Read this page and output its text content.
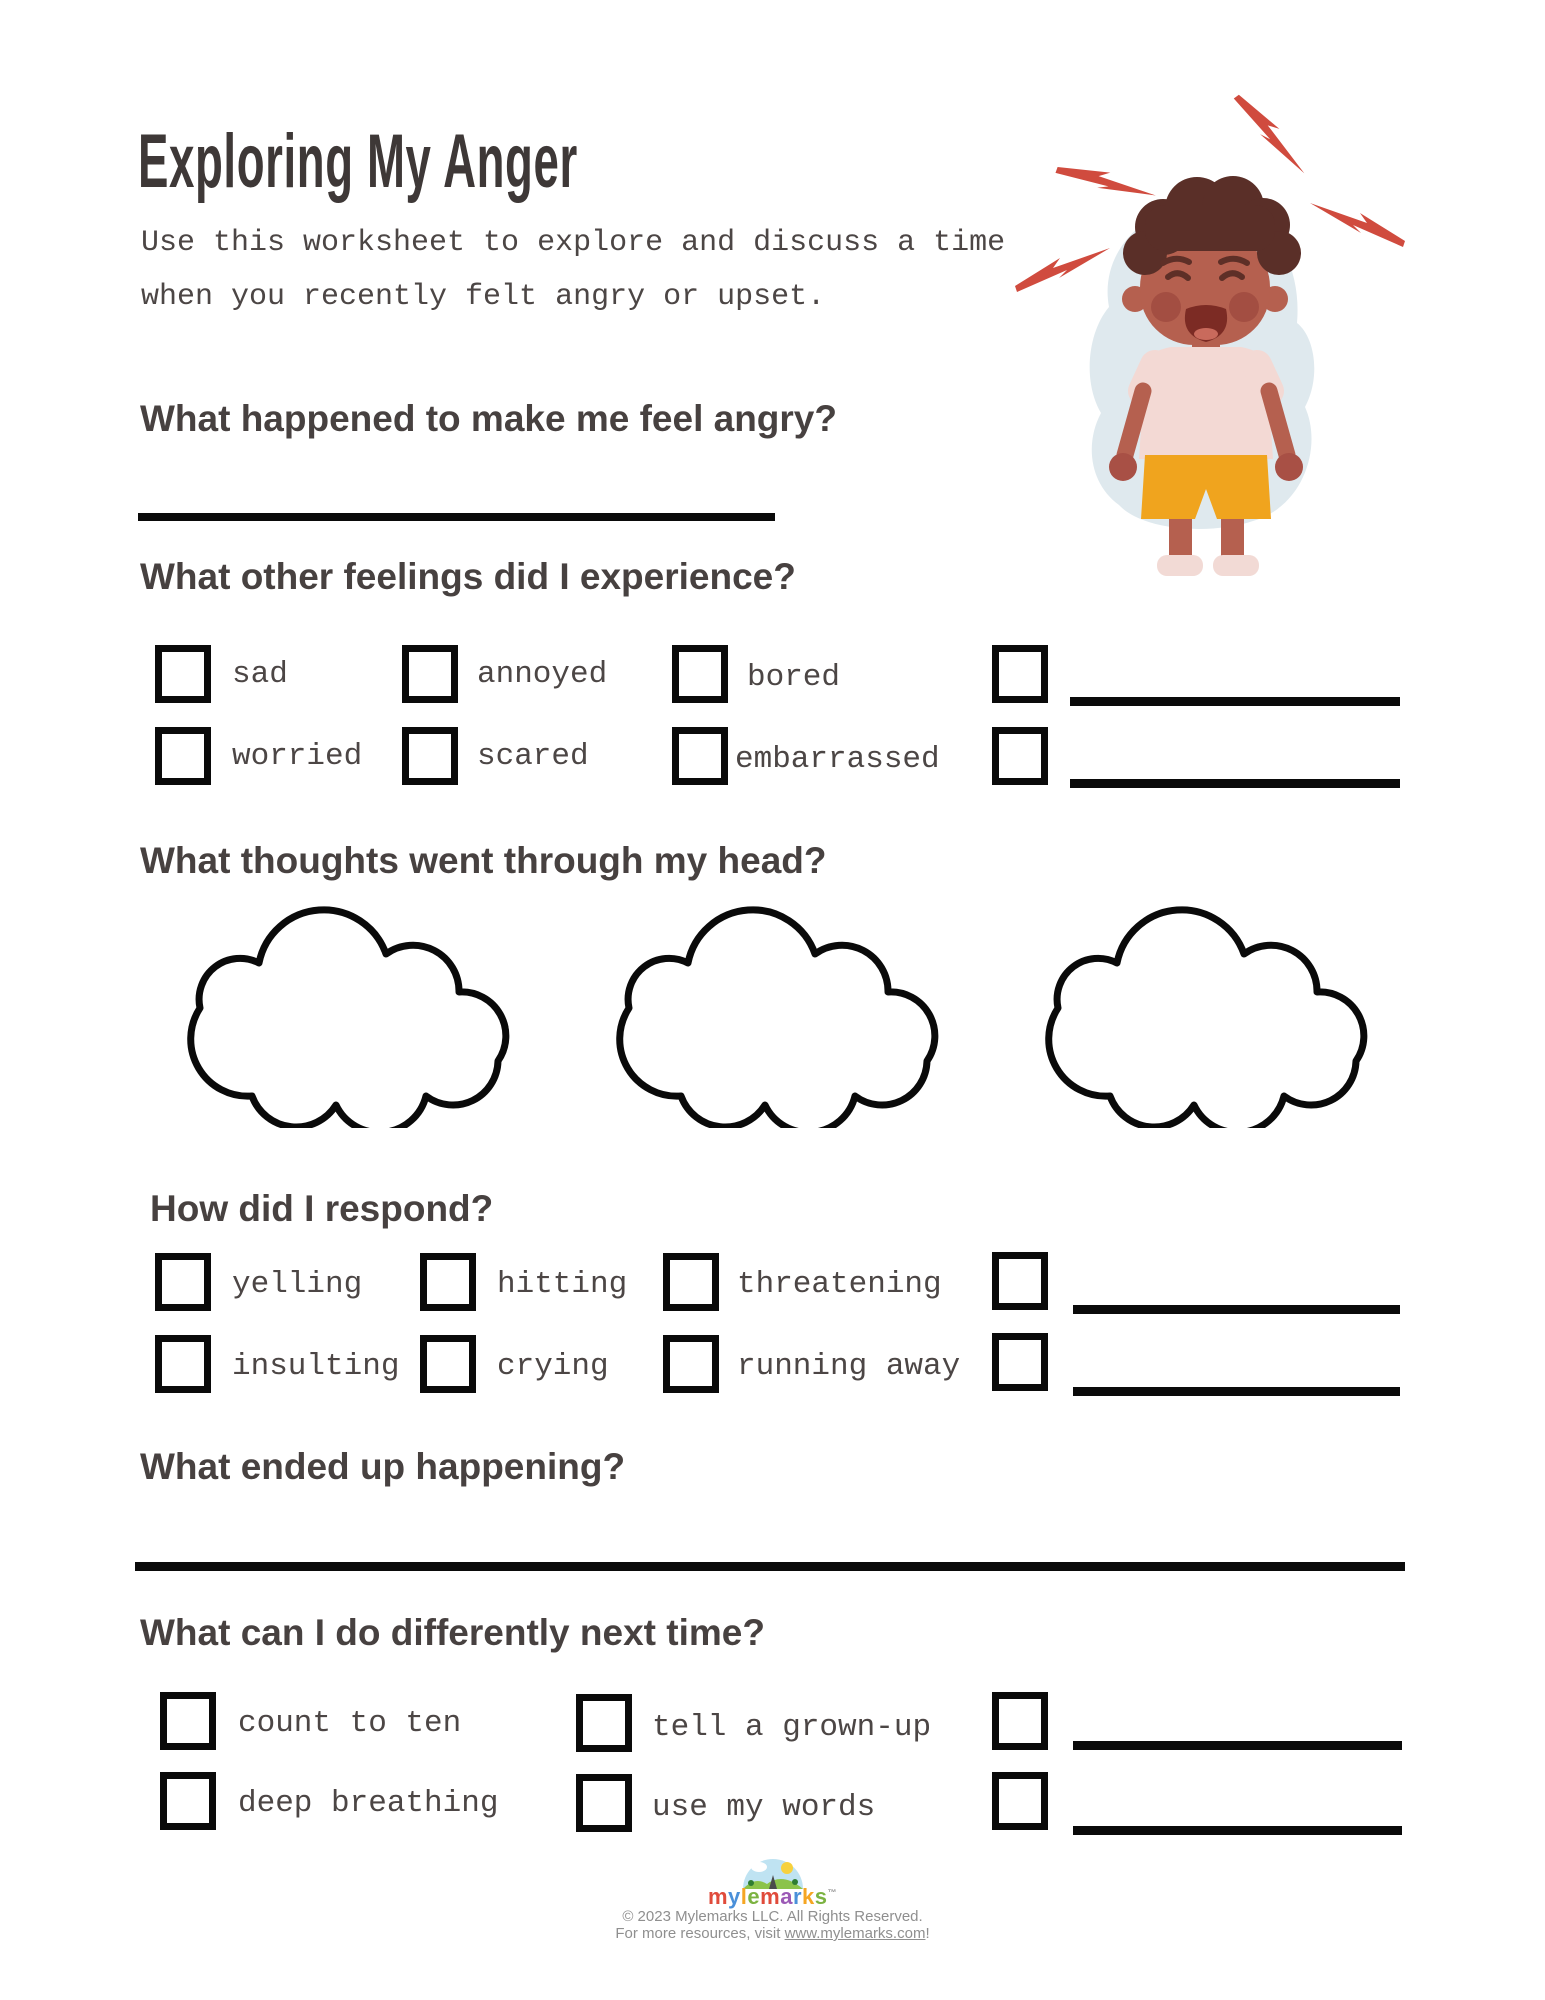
Exploring My Anger
Use this worksheet to explore and discuss a time
when you recently felt angry or upset.
What happened to make me feel angry?
What other feelings did I experience?
sad	annoyed	bored
worried	scared	embarrassed
What thoughts went through my head?
How did I respond?
yelling	hitting	threatening
insulting	crying	running away
What ended up happening?
What can I do differently next time?
count to ten	tell a grown-up
deep breathing	use my words
mylemarks™
© 2023 Mylemarks LLC. All Rights Reserved.
For more resources, visit www.mylemarks.com!
